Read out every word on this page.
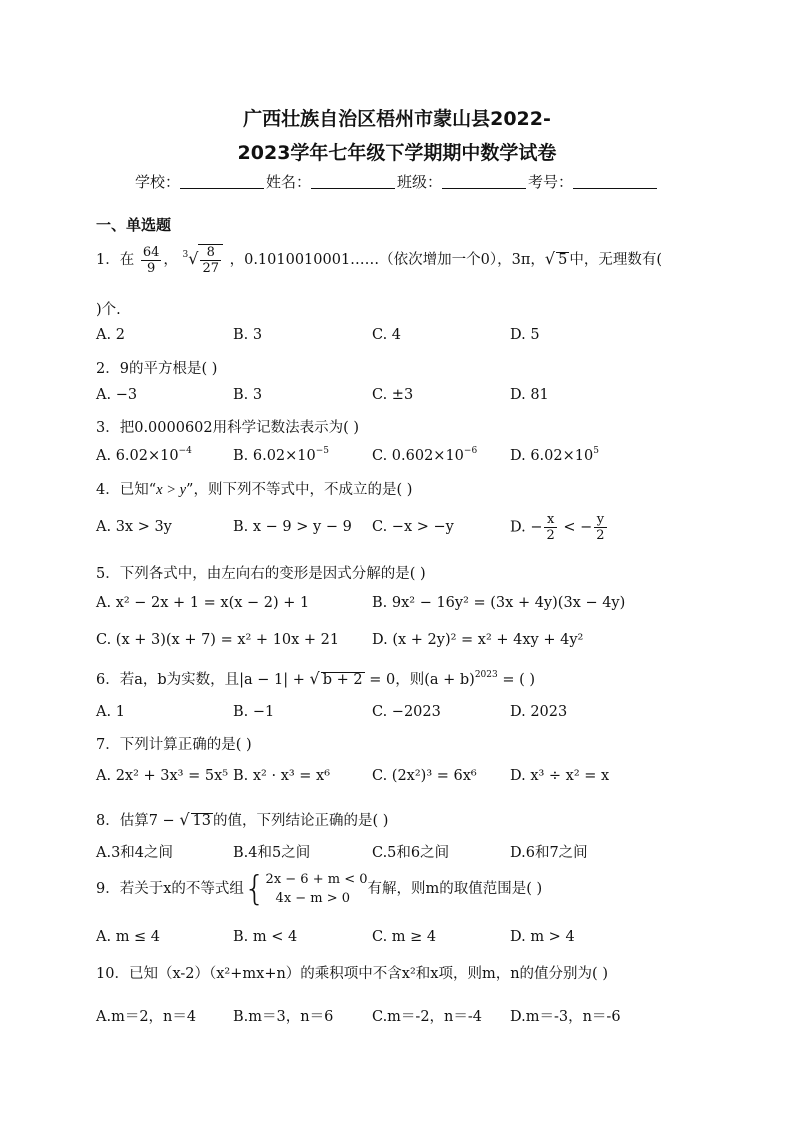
广西壮族自治区梧州市蒙山县2022-
2023学年七年级下学期期中数学试卷
学校：	姓名：	班级：	考号：
一、单选题
1．在 $\frac{64}{9}$ ， $^3√ \frac{8}{27}$ ，0.1010010001……（依次增加一个0），3π，√ 5 中，无理数有(
)个.
A. 2	B. 3	C. 4	D. 5
2．9的平方根是( )
A. −3	B. 3	C. ±3	D. 81
3．把0.0000602用科学记数法表示为( )
A. $6.02\times 10^{-4}$	B. $6.02\times 10^{-5}$	C. $0.602\times 10^{-6}$ D. $6.02\times 10^5$
4．已知“x > y”，则下列不等式中，不成立的是( )
A. 3x > 3y	B. x − 9 > y − 9 C. −x > −y	D. − $\frac{x}{2}$ < − $\frac{y}{2}$
5．下列各式中，由左向右的变形是因式分解的是( )
A. x² − 2x + 1 = x(x − 2) + 1	B. 9x² − 16y² = (3x + 4y)(3x − 4y)
C. (x + 3)(x + 7) = x² + 10x + 21 D. (x + 2y)² = x² + 4xy + 4y²
6．若a，b为实数，且|a − 1| + √ b + 2 = 0，则$(a + b)^{2023}$ = ( )
A. 1	B. −1	C. −2023	D. 2023
7．下列计算正确的是( )
A. 2x² + 3x³ = 5x⁵ B. x² · x³ = x⁶	C. (2x²)³ = 6x⁶ D. x³ ÷ x² = x
8．估算7 − √ 13 的值，下列结论正确的是( )
A.3和4之间	B.4和5之间	C.5和6之间	D.6和7之间
9．若关于x的不等式组{ 2x − 6 + m < 0
4x − m > 0
有解，则m的取值范围是( )
A. m ≤ 4	B. m < 4	C. m ≥ 4	D. m > 4
10．已知（x-2）（x²+mx+n）的乘积项中不含x²和x项，则m，n的值分别为( )
A.m＝2，n＝4	B.m＝3，n＝6	C.m＝-2，n＝-4 D.m＝-3，n＝-6
